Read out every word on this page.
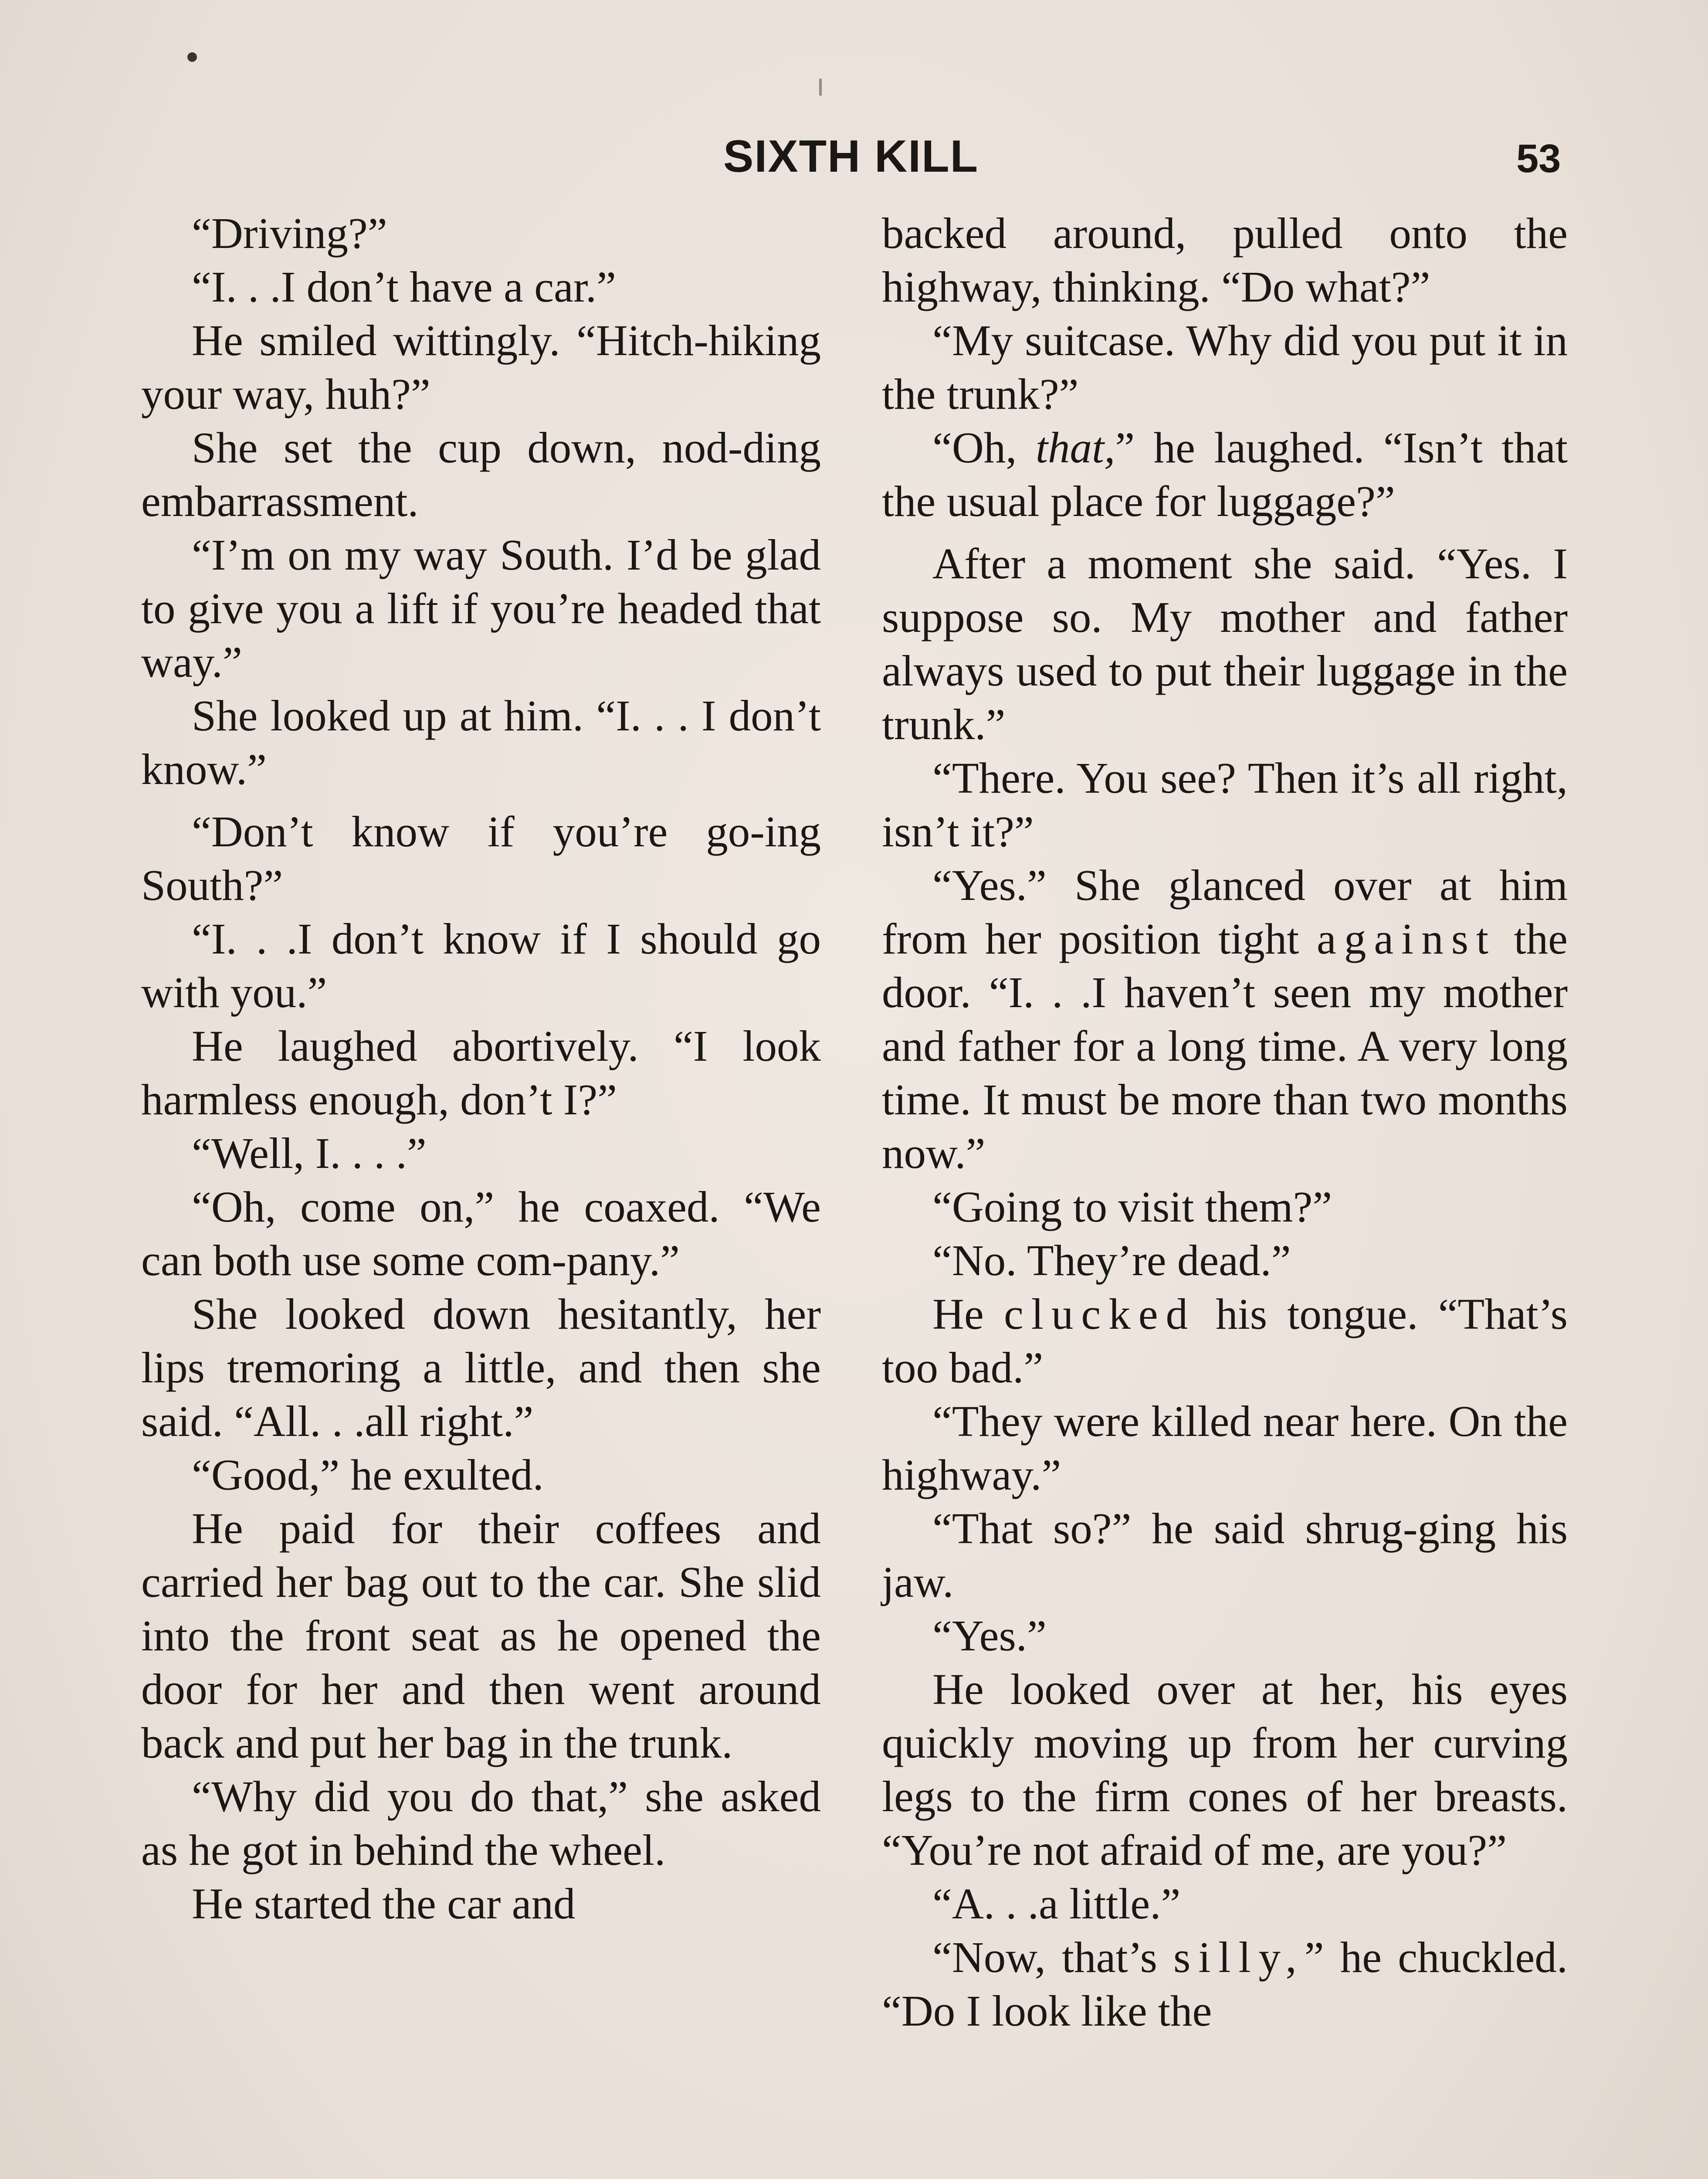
SIXTH KILL	53

“Driving?”

“I. . .I don’t have a car.”

He smiled wittingly. “Hitch-hiking your way, huh?”

She set the cup down, nod-ding embarrassment.

“I’m on my way South. I’d be glad to give you a lift if you’re headed that way.”

She looked up at him. “I. . . I don’t know.”

“Don’t know if you’re go-ing South?”

“I. . .I don’t know if I should go with you.”

He laughed abortively. “I look harmless enough, don’t I?”

“Well, I. . . .”

“Oh, come on,” he coaxed. “We can both use some com-pany.”

She looked down hesitantly, her lips tremoring a little, and then she said. “All. . .all right.”

“Good,” he exulted.

He paid for their coffees and carried her bag out to the car. She slid into the front seat as he opened the door for her and then went around back and put her bag in the trunk.

“Why did you do that,” she asked as he got in behind the wheel.

He started the car and

backed around, pulled onto the highway, thinking. “Do what?”

“My suitcase. Why did you put it in the trunk?”

“Oh, that,” he laughed. “Isn’t that the usual place for luggage?”

After a moment she said. “Yes. I suppose so. My mother and father always used to put their luggage in the trunk.”

“There. You see? Then it’s all right, isn’t it?”

“Yes.” She glanced over at him from her position tight against the door. “I. . .I haven’t seen my mother and father for a long time. A very long time. It must be more than two months now.”

“Going to visit them?”

“No. They’re dead.”

He clucked his tongue. “That’s too bad.”

“They were killed near here. On the highway.”

“That so?” he said shrug-ging his jaw.

“Yes.”

He looked over at her, his eyes quickly moving up from her curving legs to the firm cones of her breasts. “You’re not afraid of me, are you?”

“A. . .a little.”

“Now, that’s silly,” he chuckled. “Do I look like the
